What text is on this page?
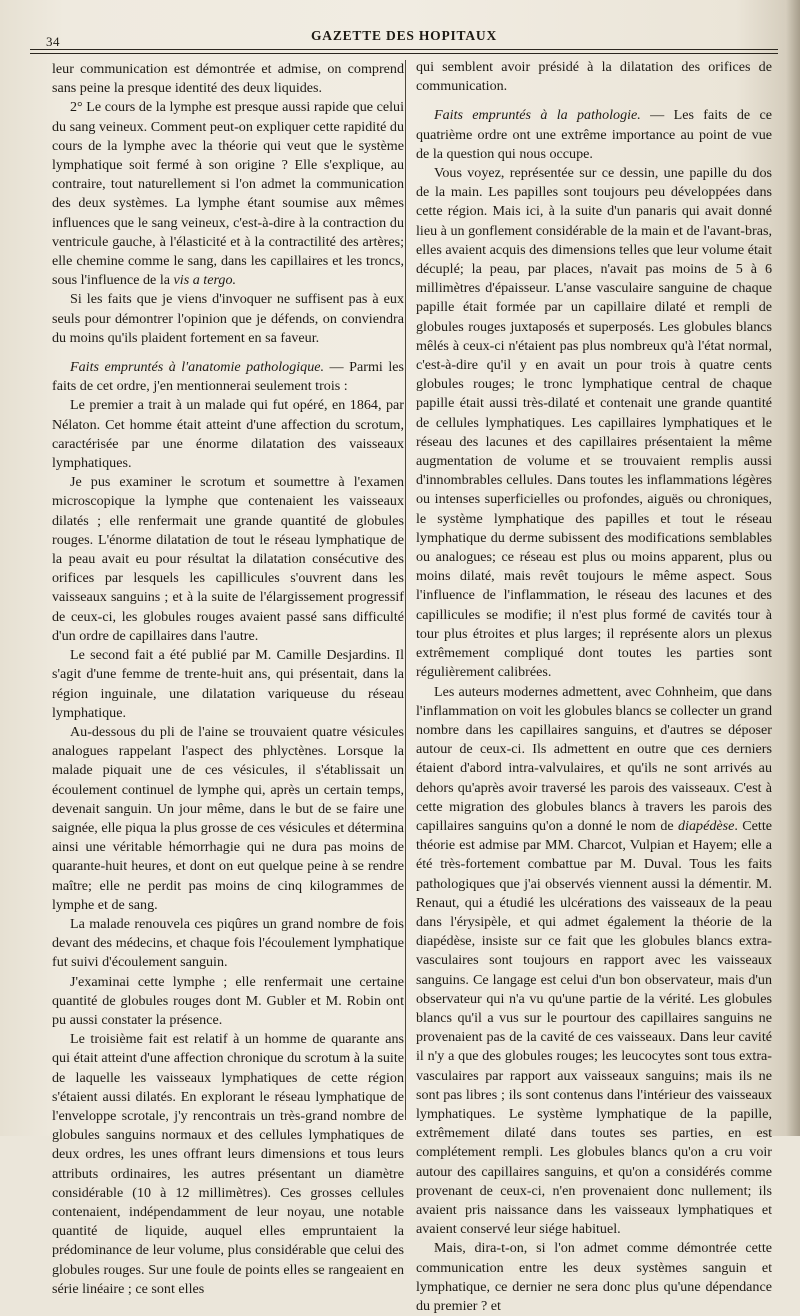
34	GAZETTE DES HOPITAUX

leur communication est démontrée et admise, on comprend sans peine la presque identité des deux liquides.

2° Le cours de la lymphe est presque aussi rapide que celui du sang veineux. Comment peut-on expliquer cette rapidité du cours de la lymphe avec la théorie qui veut que le système lymphatique soit fermé à son origine ? Elle s'explique, au contraire, tout naturellement si l'on admet la communication des deux systèmes. La lymphe étant soumise aux mêmes influences que le sang veineux, c'est-à-dire à la contraction du ventricule gauche, à l'élasticité et à la contractilité des artères; elle chemine comme le sang, dans les capillaires et les troncs, sous l'influence de la vis a tergo.

Si les faits que je viens d'invoquer ne suffisent pas à eux seuls pour démontrer l'opinion que je défends, on conviendra du moins qu'ils plaident fortement en sa faveur.

Faits empruntés à l'anatomie pathologique. — Parmi les faits de cet ordre, j'en mentionnerai seulement trois :

Le premier a trait à un malade qui fut opéré, en 1864, par Nélaton. Cet homme était atteint d'une affection du scrotum, caractérisée par une énorme dilatation des vaisseaux lymphatiques.

Je pus examiner le scrotum et soumettre à l'examen microscopique la lymphe que contenaient les vaisseaux dilatés ; elle renfermait une grande quantité de globules rouges. L'énorme dilatation de tout le réseau lymphatique de la peau avait eu pour résultat la dilatation consécutive des orifices par lesquels les capillicules s'ouvrent dans les vaisseaux sanguins ; et à la suite de l'élargissement progressif de ceux-ci, les globules rouges avaient passé sans difficulté d'un ordre de capillaires dans l'autre.

Le second fait a été publié par M. Camille Desjardins. Il s'agit d'une femme de trente-huit ans, qui présentait, dans la région inguinale, une dilatation variqueuse du réseau lymphatique.

Au-dessous du pli de l'aine se trouvaient quatre vésicules analogues rappelant l'aspect des phlyctènes. Lorsque la malade piquait une de ces vésicules, il s'établissait un écoulement continuel de lymphe qui, après un certain temps, devenait sanguin. Un jour même, dans le but de se faire une saignée, elle piqua la plus grosse de ces vésicules et détermina ainsi une véritable hémorrhagie qui ne dura pas moins de quarante-huit heures, et dont on eut quelque peine à se rendre maître; elle ne perdit pas moins de cinq kilogrammes de lymphe et de sang.

La malade renouvela ces piqûres un grand nombre de fois devant des médecins, et chaque fois l'écoulement lymphatique fut suivi d'écoulement sanguin.

J'examinai cette lymphe ; elle renfermait une certaine quantité de globules rouges dont M. Gubler et M. Robin ont pu aussi constater la présence.

Le troisième fait est relatif à un homme de quarante ans qui était atteint d'une affection chronique du scrotum à la suite de laquelle les vaisseaux lymphatiques de cette région s'étaient aussi dilatés. En explorant le réseau lymphatique de l'enveloppe scrotale, j'y rencontrais un très-grand nombre de globules sanguins normaux et des cellules lymphatiques de deux ordres, les unes offrant leurs dimensions et tous leurs attributs ordinaires, les autres présentant un diamètre considérable (10 à 12 millimètres). Ces grosses cellules contenaient, indépendamment de leur noyau, une notable quantité de liquide, auquel elles empruntaient la prédominance de leur volume, plus considérable que celui des globules rouges. Sur une foule de points elles se rangeaient en série linéaire ; ce sont elles

qui semblent avoir présidé à la dilatation des orifices de communication.

Faits empruntés à la pathologie. — Les faits de ce quatrième ordre ont une extrême importance au point de vue de la question qui nous occupe.

Vous voyez, représentée sur ce dessin, une papille du dos de la main. Les papilles sont toujours peu développées dans cette région. Mais ici, à la suite d'un panaris qui avait donné lieu à un gonflement considérable de la main et de l'avant-bras, elles avaient acquis des dimensions telles que leur volume était décuplé; la peau, par places, n'avait pas moins de 5 à 6 millimètres d'épaisseur. L'anse vasculaire sanguine de chaque papille était formée par un capillaire dilaté et rempli de globules rouges juxtaposés et superposés. Les globules blancs mêlés à ceux-ci n'étaient pas plus nombreux qu'à l'état normal, c'est-à-dire qu'il y en avait un pour trois à quatre cents globules rouges; le tronc lymphatique central de chaque papille était aussi très-dilaté et contenait une grande quantité de cellules lymphatiques. Les capillaires lymphatiques et le réseau des lacunes et des capillaires présentaient la même augmentation de volume et se trouvaient remplis aussi d'innombrables cellules. Dans toutes les inflammations légères ou intenses superficielles ou profondes, aiguës ou chroniques, le système lymphatique des papilles et tout le réseau lymphatique du derme subissent des modifications semblables ou analogues; ce réseau est plus ou moins apparent, plus ou moins dilaté, mais revêt toujours le même aspect. Sous l'influence de l'inflammation, le réseau des lacunes et des capillicules se modifie; il n'est plus formé de cavités tour à tour plus étroites et plus larges; il représente alors un plexus extrêmement compliqué dont toutes les parties sont régulièrement calibrées.

Les auteurs modernes admettent, avec Cohnheim, que dans l'inflammation on voit les globules blancs se collecter un grand nombre dans les capillaires sanguins, et d'autres se déposer autour de ceux-ci. Ils admettent en outre que ces derniers étaient d'abord intra-valvulaires, et qu'ils ne sont arrivés au dehors qu'après avoir traversé les parois des vaisseaux. C'est à cette migration des globules blancs à travers les parois des capillaires sanguins qu'on a donné le nom de diapédèse. Cette théorie est admise par MM. Charcot, Vulpian et Hayem; elle a été très-fortement combattue par M. Duval. Tous les faits pathologiques que j'ai observés viennent aussi la démentir. M. Renaut, qui a étudié les ulcérations des vaisseaux de la peau dans l'érysipèle, et qui admet également la théorie de la diapédèse, insiste sur ce fait que les globules blancs extra-vasculaires sont toujours en rapport avec les vaisseaux sanguins. Ce langage est celui d'un bon observateur, mais d'un observateur qui n'a vu qu'une partie de la vérité. Les globules blancs qu'il a vus sur le pourtour des capillaires sanguins ne provenaient pas de la cavité de ces vaisseaux. Dans leur cavité il n'y a que des globules rouges; les leucocytes sont tous extra-vasculaires par rapport aux vaisseaux sanguins; mais ils ne sont pas libres ; ils sont contenus dans l'intérieur des vaisseaux lymphatiques. Le système lymphatique de la papille, extrêmement dilaté dans toutes ses parties, en est complétement rempli. Les globules blancs qu'on a cru voir autour des capillaires sanguins, et qu'on a considérés comme provenant de ceux-ci, n'en provenaient donc nullement; ils avaient pris naissance dans les vaisseaux lymphatiques et avaient conservé leur siége habituel.

Mais, dira-t-on, si l'on admet comme démontrée cette communication entre les deux systèmes sanguin et lymphatique, ce dernier ne sera donc plus qu'une dépendance du premier ? et
